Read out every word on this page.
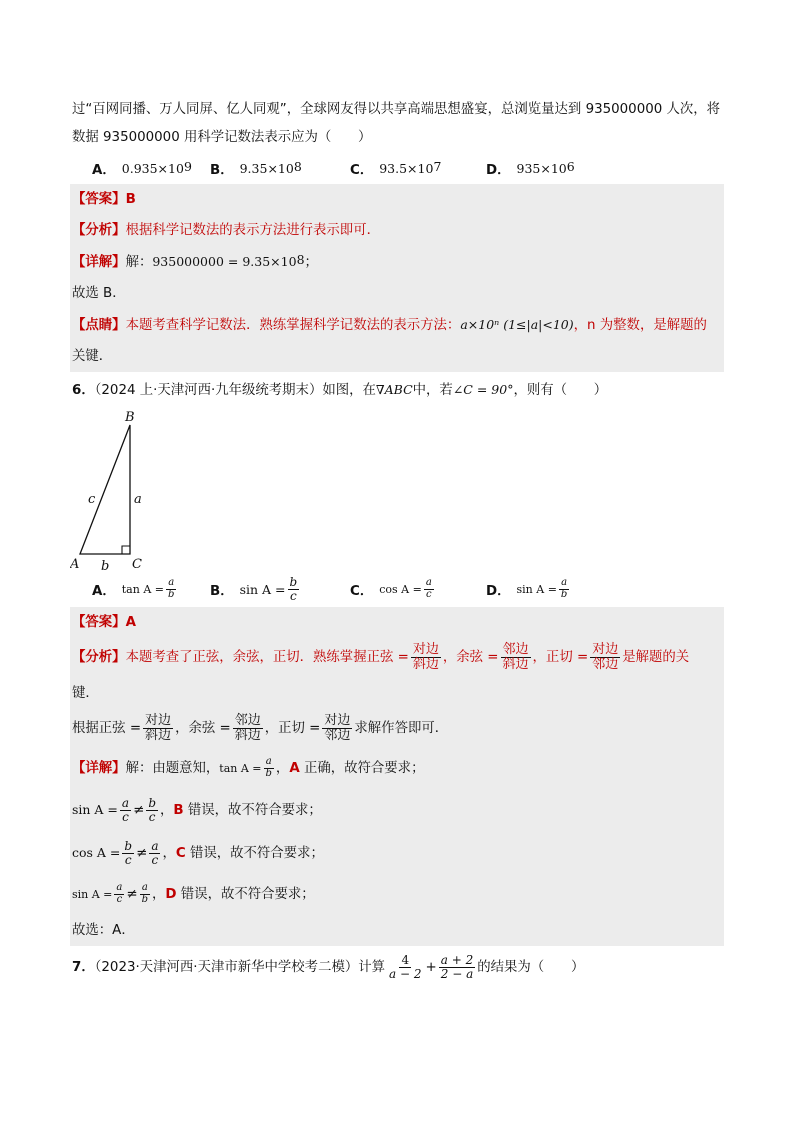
过“百网同播、万人同屏、亿人同观”，全球网友得以共享高端思想盛宴，总浏览量达到 935000000 人次，将
数据 935000000 用科学记数法表示应为（　　）
A． $0.935\times 10^9$ B． $9.35\times 10^8$	C． $93.5\times 10^7$	D． $935\times 10^6$
【答案】B
【分析】根据科学记数法的表示方法进行表示即可．
【详解】解：$935000000 = 9.35\times 10^8$；
故选 B．
【点睛】本题考查科学记数法．熟练掌握科学记数法的表示方法：a×10ⁿ (1≤|a|<10)，n 为整数，是解题的
关键．
6．（2024 上·天津河西·九年级统考期末）如图，在∇ABC中，若∠C = 90°，则有（　　）
B
A	C
a
b
c
A． $\tan A = \frac{a}{b}$	B． $\sin A = \frac{b}{c}$	C． $\cos A = \frac{a}{c}$	D． $\sin A = \frac{a}{b}$
【答案】A
【分析】本题考查了正弦，余弦，正切．熟练掌握正弦 = $\frac{\text{对边}}{\text{斜边}}$ ，余弦 = $\frac{\text{邻边}}{\text{斜边}}$ ，正切 = $\frac{\text{对边}}{\text{邻边}}$ 是解题的关
键．
根据正弦 = $\frac{\text{对边}}{\text{斜边}}$ ，余弦 = $\frac{\text{邻边}}{\text{斜边}}$ ，正切 = $\frac{\text{对边}}{\text{邻边}}$ 求解作答即可．
【详解】解：由题意知，$\tan A = \frac{a}{b}$ ，A 正确，故符合要求；
$\sin A = \frac{a}{c} \ne \frac{b}{c}$ ，B 错误，故不符合要求；
$\cos A = \frac{b}{c} \ne \frac{a}{c}$ ，C 错误，故不符合要求；
$\sin A = \frac{a}{c} \ne \frac{a}{b}$ ，D 错误，故不符合要求；
故选：A．
7．（2023·天津河西·天津市新华中学校考二模）计算 $\frac{4}{a - 2} + \frac{a + 2}{2 - a}$ 的结果为（　　）
